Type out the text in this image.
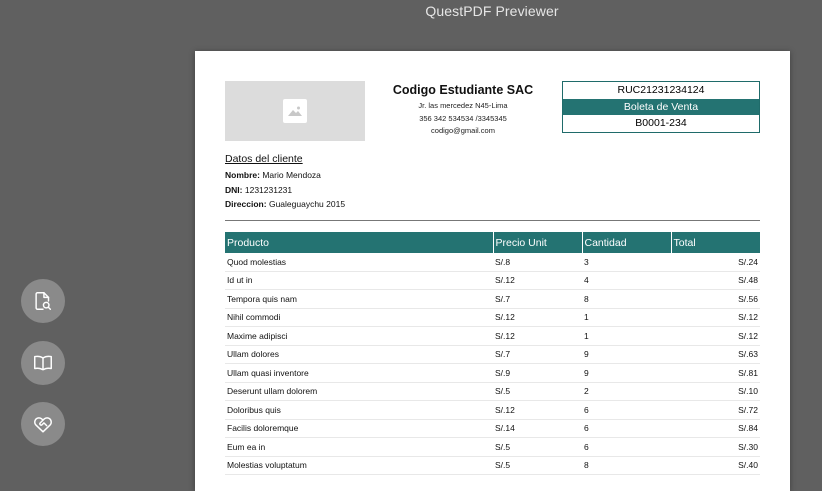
QuestPDF Previewer
Codigo Estudiante SAC
Jr. las mercedez N45-Lima
356 342 534534 /3345345
codigo@gmail.com
RUC21231234124
Boleta de Venta
B0001-234
Datos del cliente
Nombre: Mario Mendoza
DNI: 1231231231
Direccion: Gualeguaychu 2015
Producto	Precio Unit	Cantidad	Total
Quod molestias	S/.8	3	S/.24
Id ut in	S/.12	4	S/.48
Tempora quis nam	S/.7	8	S/.56
Nihil commodi	S/.12	1	S/.12
Maxime adipisci	S/.12	1	S/.12
Ullam dolores	S/.7	9	S/.63
Ullam quasi inventore	S/.9	9	S/.81
Deserunt ullam dolorem	S/.5	2	S/.10
Doloribus quis	S/.12	6	S/.72
Facilis doloremque	S/.14	6	S/.84
Eum ea in	S/.5	6	S/.30
Molestias voluptatum	S/.5	8	S/.40
